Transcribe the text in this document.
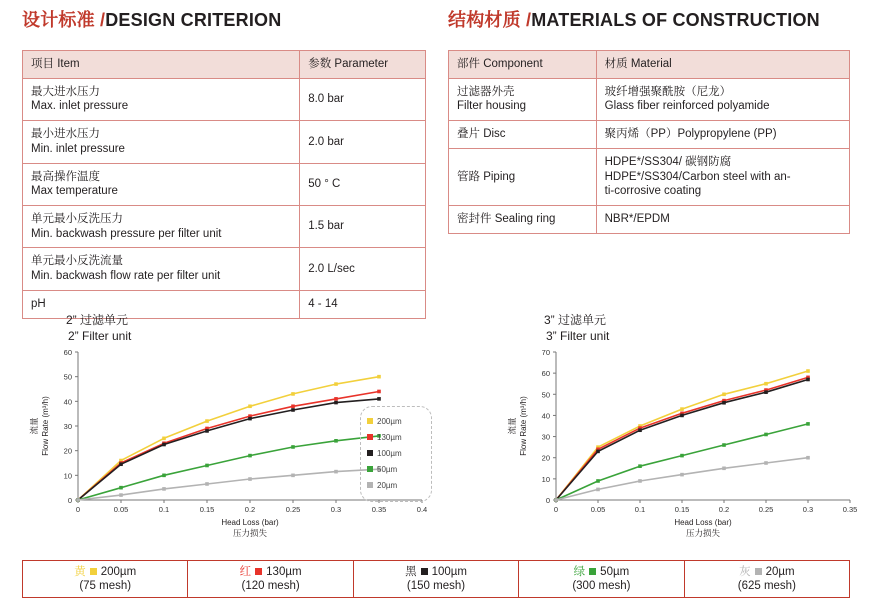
设计标准 /DESIGN CRITERION	结构材质 /MATERIALS OF CONSTRUCTION
项目 Item	参数 Parameter

最大进水压力
Max. inlet pressure	8.0 bar

最小进水压力
Min. inlet pressure	2.0 bar

最高操作温度
Max temperature	50 ° C

单元最小反洗压力
Min. backwash pressure per filter unit	1.5 bar

单元最小反洗流量
Min. backwash flow rate per filter unit	2.0 L/sec

pH	4 - 14
部件 Component	材质 Material

过滤器外壳
Filter housing	玻纤增强聚酰胺（尼龙）
Glass fiber reinforced polyamide

叠片 Disc	聚丙烯（PP）Polypropylene (PP)

管路 Piping	HDPE*/SS304/ 碳钢防腐
HDPE*/SS304/Carbon steel with an-
ti-corrosive coating

密封件 Sealing ring	NBR*/EPDM
2” 过滤单元
2” Filter unit
0
10
20
30
40
50
60
0	0.05	0.1	0.15	0.2	0.25	0.3	0.35	0.4
Head Loss (bar)
压力损失
Flow Rate (m³/h)
流量	200µm
130µm
100µm
50µm
20µm
3” 过滤单元
3” Filter unit
0
10
20
30
40
50
60
70
0	0.05	0.1	0.15	0.2	0.25	0.3	0.35
Head Loss (bar)
压力损失
Flow Rate (m³/h)
流量
黄 200µm
(75 mesh)
红 130µm
(120 mesh)
黑 100µm
(150 mesh)
绿 50µm
(300 mesh)
灰 20µm
(625 mesh)
